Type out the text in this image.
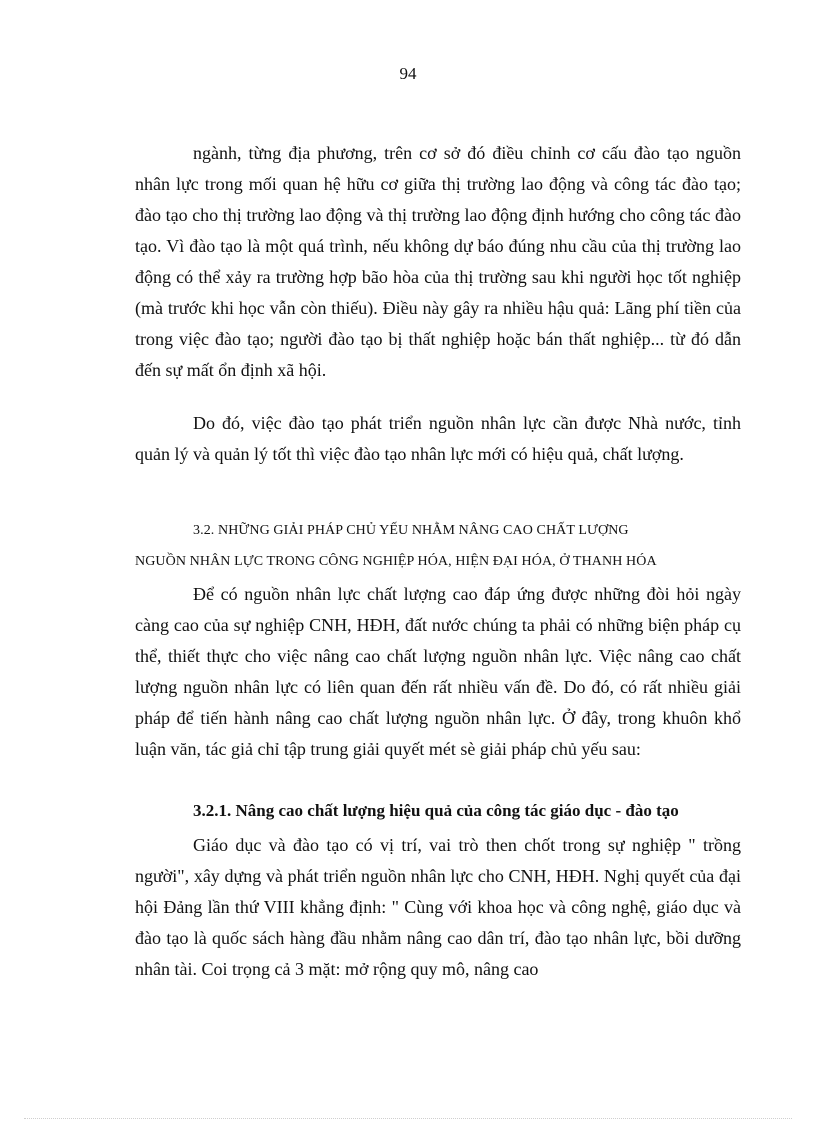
94

ngành, từng địa phương, trên cơ sở đó điều chỉnh cơ cấu đào tạo nguồn nhân lực trong mối quan hệ hữu cơ giữa thị trường lao động và công tác đào tạo; đào tạo cho thị trường lao động và thị trường lao động định hướng cho công tác đào tạo. Vì đào tạo là một quá trình, nếu không dự báo đúng nhu cầu của thị trường lao động có thể xảy ra trường hợp bão hòa của thị trường sau khi người học tốt nghiệp (mà trước khi học vẫn còn thiếu). Điều này gây ra nhiều hậu quả: Lãng phí tiền của trong việc đào tạo; người đào tạo bị thất nghiệp hoặc bán thất nghiệp... từ đó dẫn đến sự mất ổn định xã hội.

Do đó, việc đào tạo phát triển nguồn nhân lực cần được Nhà nước, tỉnh quản lý và quản lý tốt thì việc đào tạo nhân lực mới có hiệu quả, chất lượng.

3.2. NHỮNG GIẢI PHÁP CHỦ YẾU NHẰM NÂNG CAO CHẤT LƯỢNG
NGUỒN NHÂN LỰC TRONG CÔNG NGHIỆP HÓA, HIỆN ĐẠI HÓA, Ở THANH HÓA

Để có nguồn nhân lực chất lượng cao đáp ứng được những đòi hỏi ngày càng cao của sự nghiệp CNH, HĐH, đất nước chúng ta phải có những biện pháp cụ thể, thiết thực cho việc nâng cao chất lượng nguồn nhân lực. Việc nâng cao chất lượng nguồn nhân lực có liên quan đến rất nhiều vấn đề. Do đó, có rất nhiều giải pháp để tiến hành nâng cao chất lượng nguồn nhân lực. Ở đây, trong khuôn khổ luận văn, tác giả chỉ tập trung giải quyết mét sè giải pháp chủ yếu sau:

3.2.1. Nâng cao chất lượng hiệu quả của công tác giáo dục - đào tạo

Giáo dục và đào tạo có vị trí, vai trò then chốt trong sự nghiệp " trồng người", xây dựng và phát triển nguồn nhân lực cho CNH, HĐH. Nghị quyết của đại hội Đảng lần thứ VIII khẳng định: " Cùng với khoa học và công nghệ, giáo dục và đào tạo là quốc sách hàng đầu nhằm nâng cao dân trí, đào tạo nhân lực, bồi dưỡng nhân tài. Coi trọng cả 3 mặt: mở rộng quy mô, nâng cao
